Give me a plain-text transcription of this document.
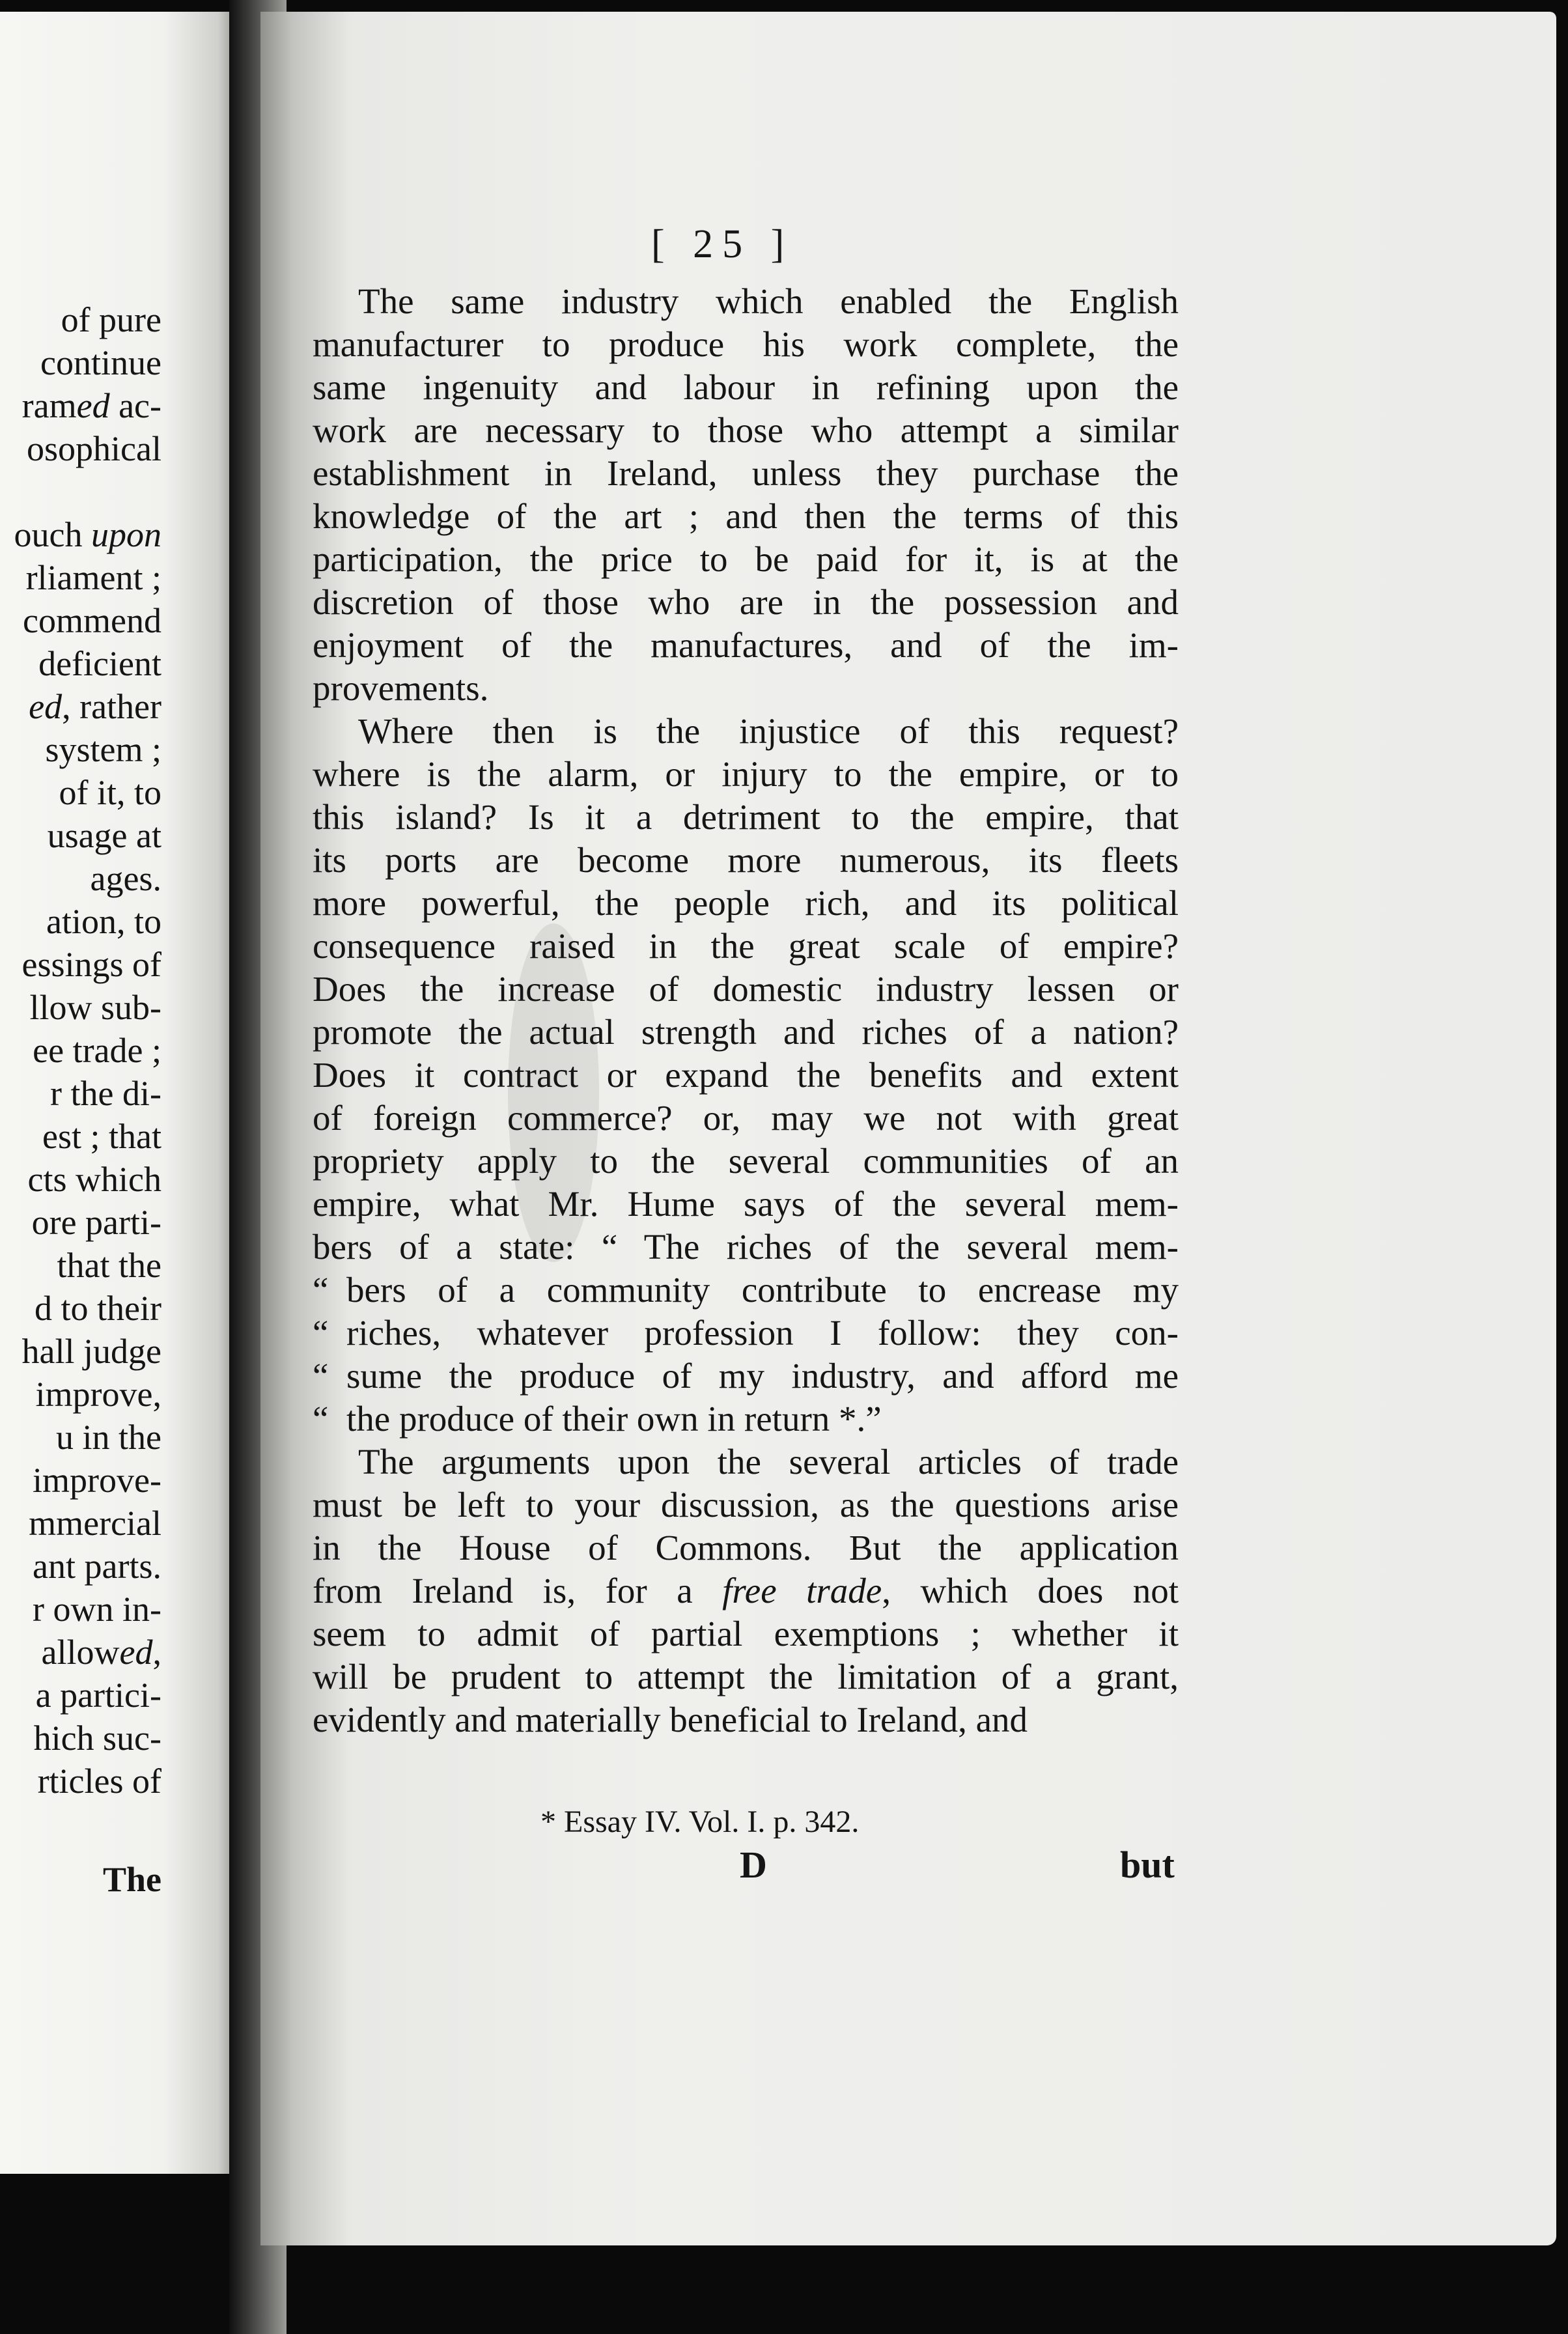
of pure
continue
ramed ac-
osophical
ouch upon
rliament ;
commend
deficient
ed, rather
system ;
of it, to
usage at
ages.
ation, to
essings of
llow sub-
ee trade ;
r the di-
est ; that
cts which
ore parti-
that the
d to their
hall judge
improve,
u in the
improve-
mmercial
ant parts.
r own in-
allowed,
a partici-
hich suc-
rticles of
The
[ 25 ]
The same industry which enabled the English
manufacturer to produce his work complete, the
same ingenuity and labour in refining upon the
work are necessary to those who attempt a similar
establishment in Ireland, unless they purchase the
knowledge of the art ; and then the terms of this
participation, the price to be paid for it, is at the
discretion of those who are in the possession and
enjoyment of the manufactures, and of the im-
provements.
Where then is the injustice of this request?
where is the alarm, or injury to the empire, or to
this island? Is it a detriment to the empire, that
its ports are become more numerous, its fleets
more powerful, the people rich, and its political
consequence raised in the great scale of empire?
Does the increase of domestic industry lessen or
promote the actual strength and riches of a nation?
Does it contract or expand the benefits and extent
of foreign commerce? or, may we not with great
propriety apply to the several communities of an
empire, what Mr. Hume says of the several mem-
bers of a state: “ The riches of the several mem-
“ bers of a community contribute to encrease my
“ riches, whatever profession I follow: they con-
“ sume the produce of my industry, and afford me
“ the produce of their own in return *.”
The arguments upon the several articles of trade
must be left to your discussion, as the questions arise
in the House of Commons. But the application
from Ireland is, for a free trade, which does not
seem to admit of partial exemptions ; whether it
will be prudent to attempt the limitation of a grant,
evidently and materially beneficial to Ireland, and
* Essay IV. Vol. I. p. 342.
D	but
